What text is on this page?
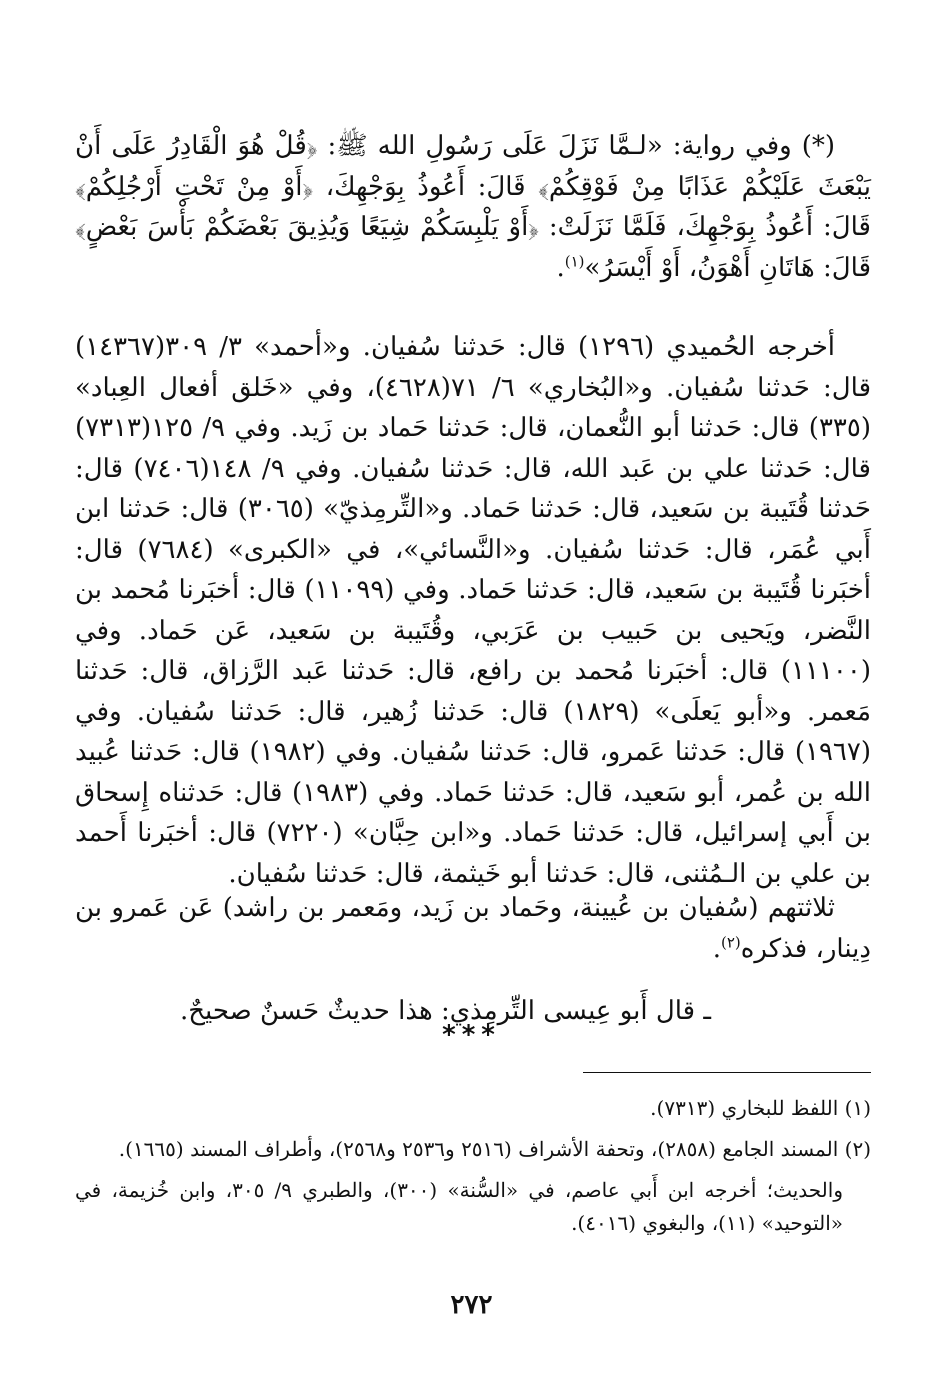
(*) وفي رواية: «لـمَّا نَزَلَ عَلَى رَسُولِ الله ﷺ: ﴿قُلْ هُوَ الْقَادِرُ عَلَى أَنْ يَبْعَثَ عَلَيْكُمْ عَذَابًا مِنْ فَوْقِكُمْ﴾ قَالَ: أَعُوذُ بِوَجْهِكَ، ﴿أَوْ مِنْ تَحْتِ أَرْجُلِكُمْ﴾ قَالَ: أَعُوذُ بِوَجْهِكَ، فَلَمَّا نَزَلَتْ: ﴿أَوْ يَلْبِسَكُمْ شِيَعًا وَيُذِيقَ بَعْضَكُمْ بَأْسَ بَعْضٍ﴾ قَالَ: هَاتَانِ أَهْوَنُ، أَوْ أَيْسَرُ»$^{(١)}$.

أخرجه الحُميدي (١٢٩٦) قال: حَدثنا سُفيان. و«أحمد» ٣/ ٣٠٩(١٤٣٦٧) قال: حَدثنا سُفيان. و«البُخاري» ٦/ ٧١(٤٦٢٨)، وفي «خَلق أفعال العِباد» (٣٣٥) قال: حَدثنا أبو النُّعمان، قال: حَدثنا حَماد بن زَيد. وفي ٩/ ١٢٥(٧٣١٣) قال: حَدثنا علي بن عَبد الله، قال: حَدثنا سُفيان. وفي ٩/ ١٤٨(٧٤٠٦) قال: حَدثنا قُتَيبة بن سَعيد، قال: حَدثنا حَماد. و«التِّرمِذيّ» (٣٠٦٥) قال: حَدثنا ابن أَبي عُمَر، قال: حَدثنا سُفيان. و«النَّسائي»، في «الكبرى» (٧٦٨٤) قال: أخبَرنا قُتَيبة بن سَعيد، قال: حَدثنا حَماد. وفي (١١٠٩٩) قال: أخبَرنا مُحمد بن النَّضر، ويَحيى بن حَبيب بن عَرَبي، وقُتَيبة بن سَعيد، عَن حَماد. وفي (١١١٠٠) قال: أخبَرنا مُحمد بن رافع، قال: حَدثنا عَبد الرَّزاق، قال: حَدثنا مَعمر. و«أبو يَعلَى» (١٨٢٩) قال: حَدثنا زُهير، قال: حَدثنا سُفيان. وفي (١٩٦٧) قال: حَدثنا عَمرو، قال: حَدثنا سُفيان. وفي (١٩٨٢) قال: حَدثنا عُبيد الله بن عُمر، أبو سَعيد، قال: حَدثنا حَماد. وفي (١٩٨٣) قال: حَدثناه إِسحاق بن أَبي إسرائيل، قال: حَدثنا حَماد. و«ابن حِبَّان» (٧٢٢٠) قال: أخبَرنا أَحمد بن علي بن الـمُثنى، قال: حَدثنا أبو خَيثمة، قال: حَدثنا سُفيان.

ثلاثتهم (سُفيان بن عُيينة، وحَماد بن زَيد، ومَعمر بن راشد) عَن عَمرو بن دِينار، فذكره$^{(٢)}$.

ـ قال أَبو عِيسى التِّرمِذي: هذا حديثٌ حَسنٌ صحيحٌ.

***

(١) اللفظ للبخاري (٧٣١٣).

(٢) المسند الجامع (٢٨٥٨)، وتحفة الأشراف (٢٥١٦ و٢٥٣٦ و٢٥٦٨)، وأطراف المسند (١٦٦٥).

والحديث؛ أخرجه ابن أَبي عاصم، في «السُّنة» (٣٠٠)، والطبري ٩/ ٣٠٥، وابن خُزيمة، في «التوحيد» (١١)، والبغوي (٤٠١٦).

٢٧٢
